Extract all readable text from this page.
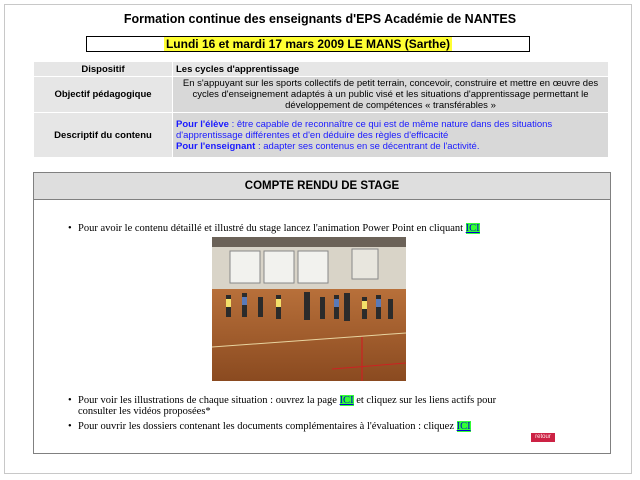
Formation continue des enseignants d'EPS Académie de NANTES
Lundi 16 et mardi 17 mars 2009 LE MANS (Sarthe)
Dispositif	Les cycles d'apprentissage
Objectif pédagogique	En s'appuyant sur les sports collectifs de petit terrain, concevoir, construire et mettre en œuvre des cycles d'enseignement adaptés à un public visé et les situations d'apprentissage permettant le développement de compétences « transférables »
Descriptif du contenu	Pour l'élève : être capable de reconnaître ce qui est de même nature dans des situations d'apprentissage différentes et d'en déduire des règles d'efficacité
Pour l'enseignant : adapter ses contenus en se décentrant de l'activité.
COMPTE RENDU DE STAGE
• Pour avoir le contenu détaillé et illustré du stage lancez l'animation Power Point en cliquant ICI
• Pour voir les illustrations de chaque situation : ouvrez la page ICI et cliquez sur les liens actifs pour
consulter les vidéos proposées*
• Pour ouvrir les dossiers contenant les documents complémentaires à l'évaluation : cliquez ICI
retour
